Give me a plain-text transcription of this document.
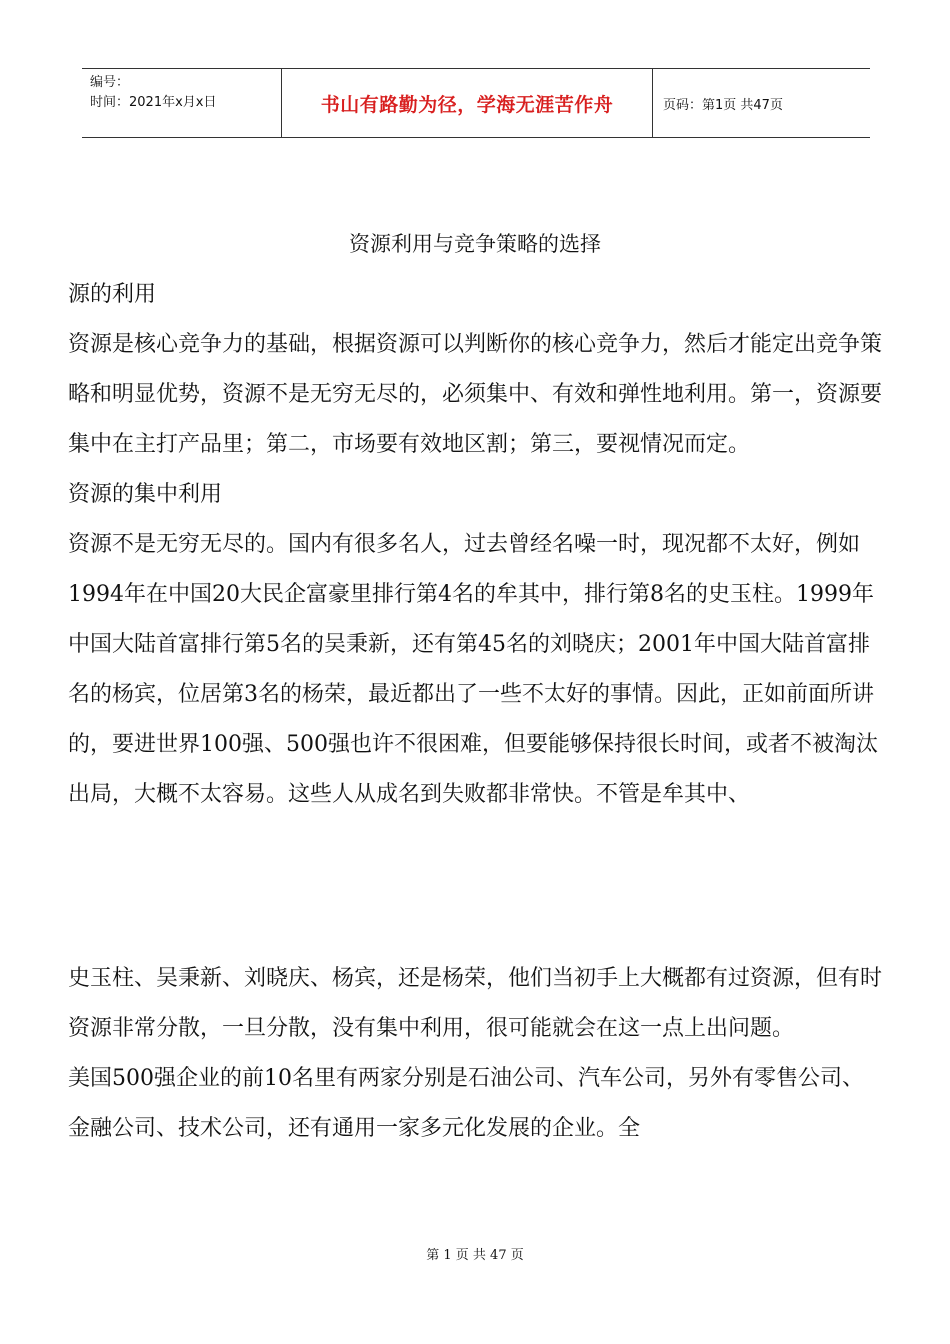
编号：
时间：2021年x月x日	书山有路勤为径，学海无涯苦作舟	页码：第1页 共47页
资源利用与竞争策略的选择

源的利用

资源是核心竞争力的基础，根据资源可以判断你的核心竞争力，然后才能定出竞争策略和明显优势，资源不是无穷无尽的，必须集中、有效和弹性地利用。第一，资源要集中在主打产品里；第二，市场要有效地区割；第三，要视情况而定。

资源的集中利用

资源不是无穷无尽的。国内有很多名人，过去曾经名噪一时，现况都不太好，例如1994年在中国20大民企富豪里排行第4名的牟其中，排行第8名的史玉柱。1999年中国大陆首富排行第5名的吴秉新，还有第45名的刘晓庆；2001年中国大陆首富排名的杨宾，位居第3名的杨荣，最近都出了一些不太好的事情。因此，正如前面所讲的，要进世界100强、500强也许不很困难，但要能够保持很长时间，或者不被淘汰出局，大概不太容易。这些人从成名到失败都非常快。不管是牟其中、

史玉柱、吴秉新、刘晓庆、杨宾，还是杨荣，他们当初手上大概都有过资源，但有时资源非常分散，一旦分散，没有集中利用，很可能就会在这一点上出问题。

美国500强企业的前10名里有两家分别是石油公司、汽车公司，另外有零售公司、金融公司、技术公司，还有通用一家多元化发展的企业。全

第 1 页 共 47 页
